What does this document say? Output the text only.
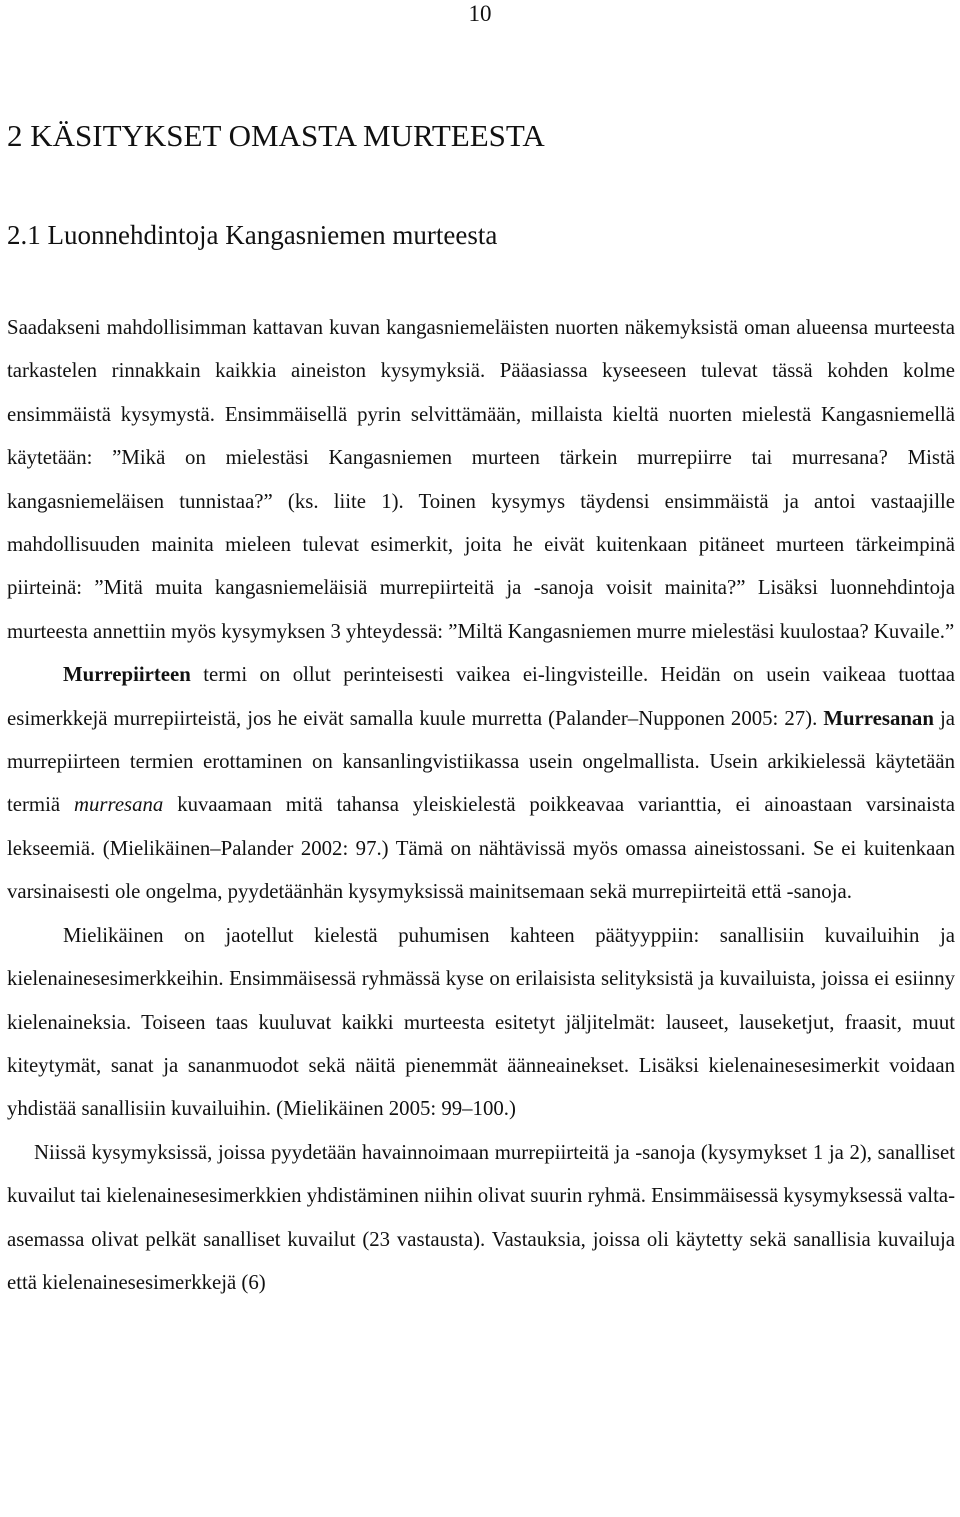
10
2 KÄSITYKSET OMASTA MURTEESTA
2.1 Luonnehdintoja Kangasniemen murteesta

Saadakseni mahdollisimman kattavan kuvan kangasniemeläisten nuorten näkemyksistä oman alueensa murteesta tarkastelen rinnakkain kaikkia aineiston kysymyksiä. Pääasiassa kyseeseen tulevat tässä kohden kolme ensimmäistä kysymystä. Ensimmäisellä pyrin selvittämään, millaista kieltä nuorten mielestä Kangasniemellä käytetään: ”Mikä on mielestäsi Kangasniemen murteen tärkein murrepiirre tai murresana? Mistä kangasniemeläisen tunnistaa?” (ks. liite 1). Toinen kysymys täydensi ensimmäistä ja antoi vastaajille mahdollisuuden mainita mieleen tulevat esimerkit, joita he eivät kuitenkaan pitäneet murteen tärkeimpinä piirteinä: ”Mitä muita kangasniemeläisiä murrepiirteitä ja -sanoja voisit mainita?” Lisäksi luonnehdintoja murteesta annettiin myös kysymyksen 3 yhteydessä: ”Miltä Kangasniemen murre mielestäsi kuulostaa? Kuvaile.”

Murrepiirteen termi on ollut perinteisesti vaikea ei-lingvisteille. Heidän on usein vaikeaa tuottaa esimerkkejä murrepiirteistä, jos he eivät samalla kuule murretta (Palander–Nupponen 2005: 27). Murresanan ja murrepiirteen termien erottaminen on kansanlingvistiikassa usein ongelmallista. Usein arkikielessä käytetään termiä murresana kuvaamaan mitä tahansa yleiskielestä poikkeavaa varianttia, ei ainoastaan varsinaista lekseemiä. (Mielikäinen–Palander 2002: 97.) Tämä on nähtävissä myös omassa aineistossani. Se ei kuitenkaan varsinaisesti ole ongelma, pyydetäänhän kysymyksissä mainitsemaan sekä murrepiirteitä että -sanoja.

Mielikäinen on jaotellut kielestä puhumisen kahteen päätyyppiin: sanallisiin kuvailuihin ja kielenainesesimerkkeihin. Ensimmäisessä ryhmässä kyse on erilaisista selityksistä ja kuvailuista, joissa ei esiinny kielenaineksia. Toiseen taas kuuluvat kaikki murteesta esitetyt jäljitelmät: lauseet, lauseketjut, fraasit, muut kiteytymät, sanat ja sananmuodot sekä näitä pienemmät äänneainekset. Lisäksi kielenainesesimerkit voidaan yhdistää sanallisiin kuvailuihin. (Mielikäinen 2005: 99–100.)

Niissä kysymyksissä, joissa pyydetään havainnoimaan murrepiirteitä ja -sanoja (kysymykset 1 ja 2), sanalliset kuvailut tai kielenainesesimerkkien yhdistäminen niihin olivat suurin ryhmä. Ensimmäisessä kysymyksessä valta-asemassa olivat pelkät sanalliset kuvailut (23 vastausta). Vastauksia, joissa oli käytetty sekä sanallisia kuvailuja että kielenainesesimerkkejä (6)
